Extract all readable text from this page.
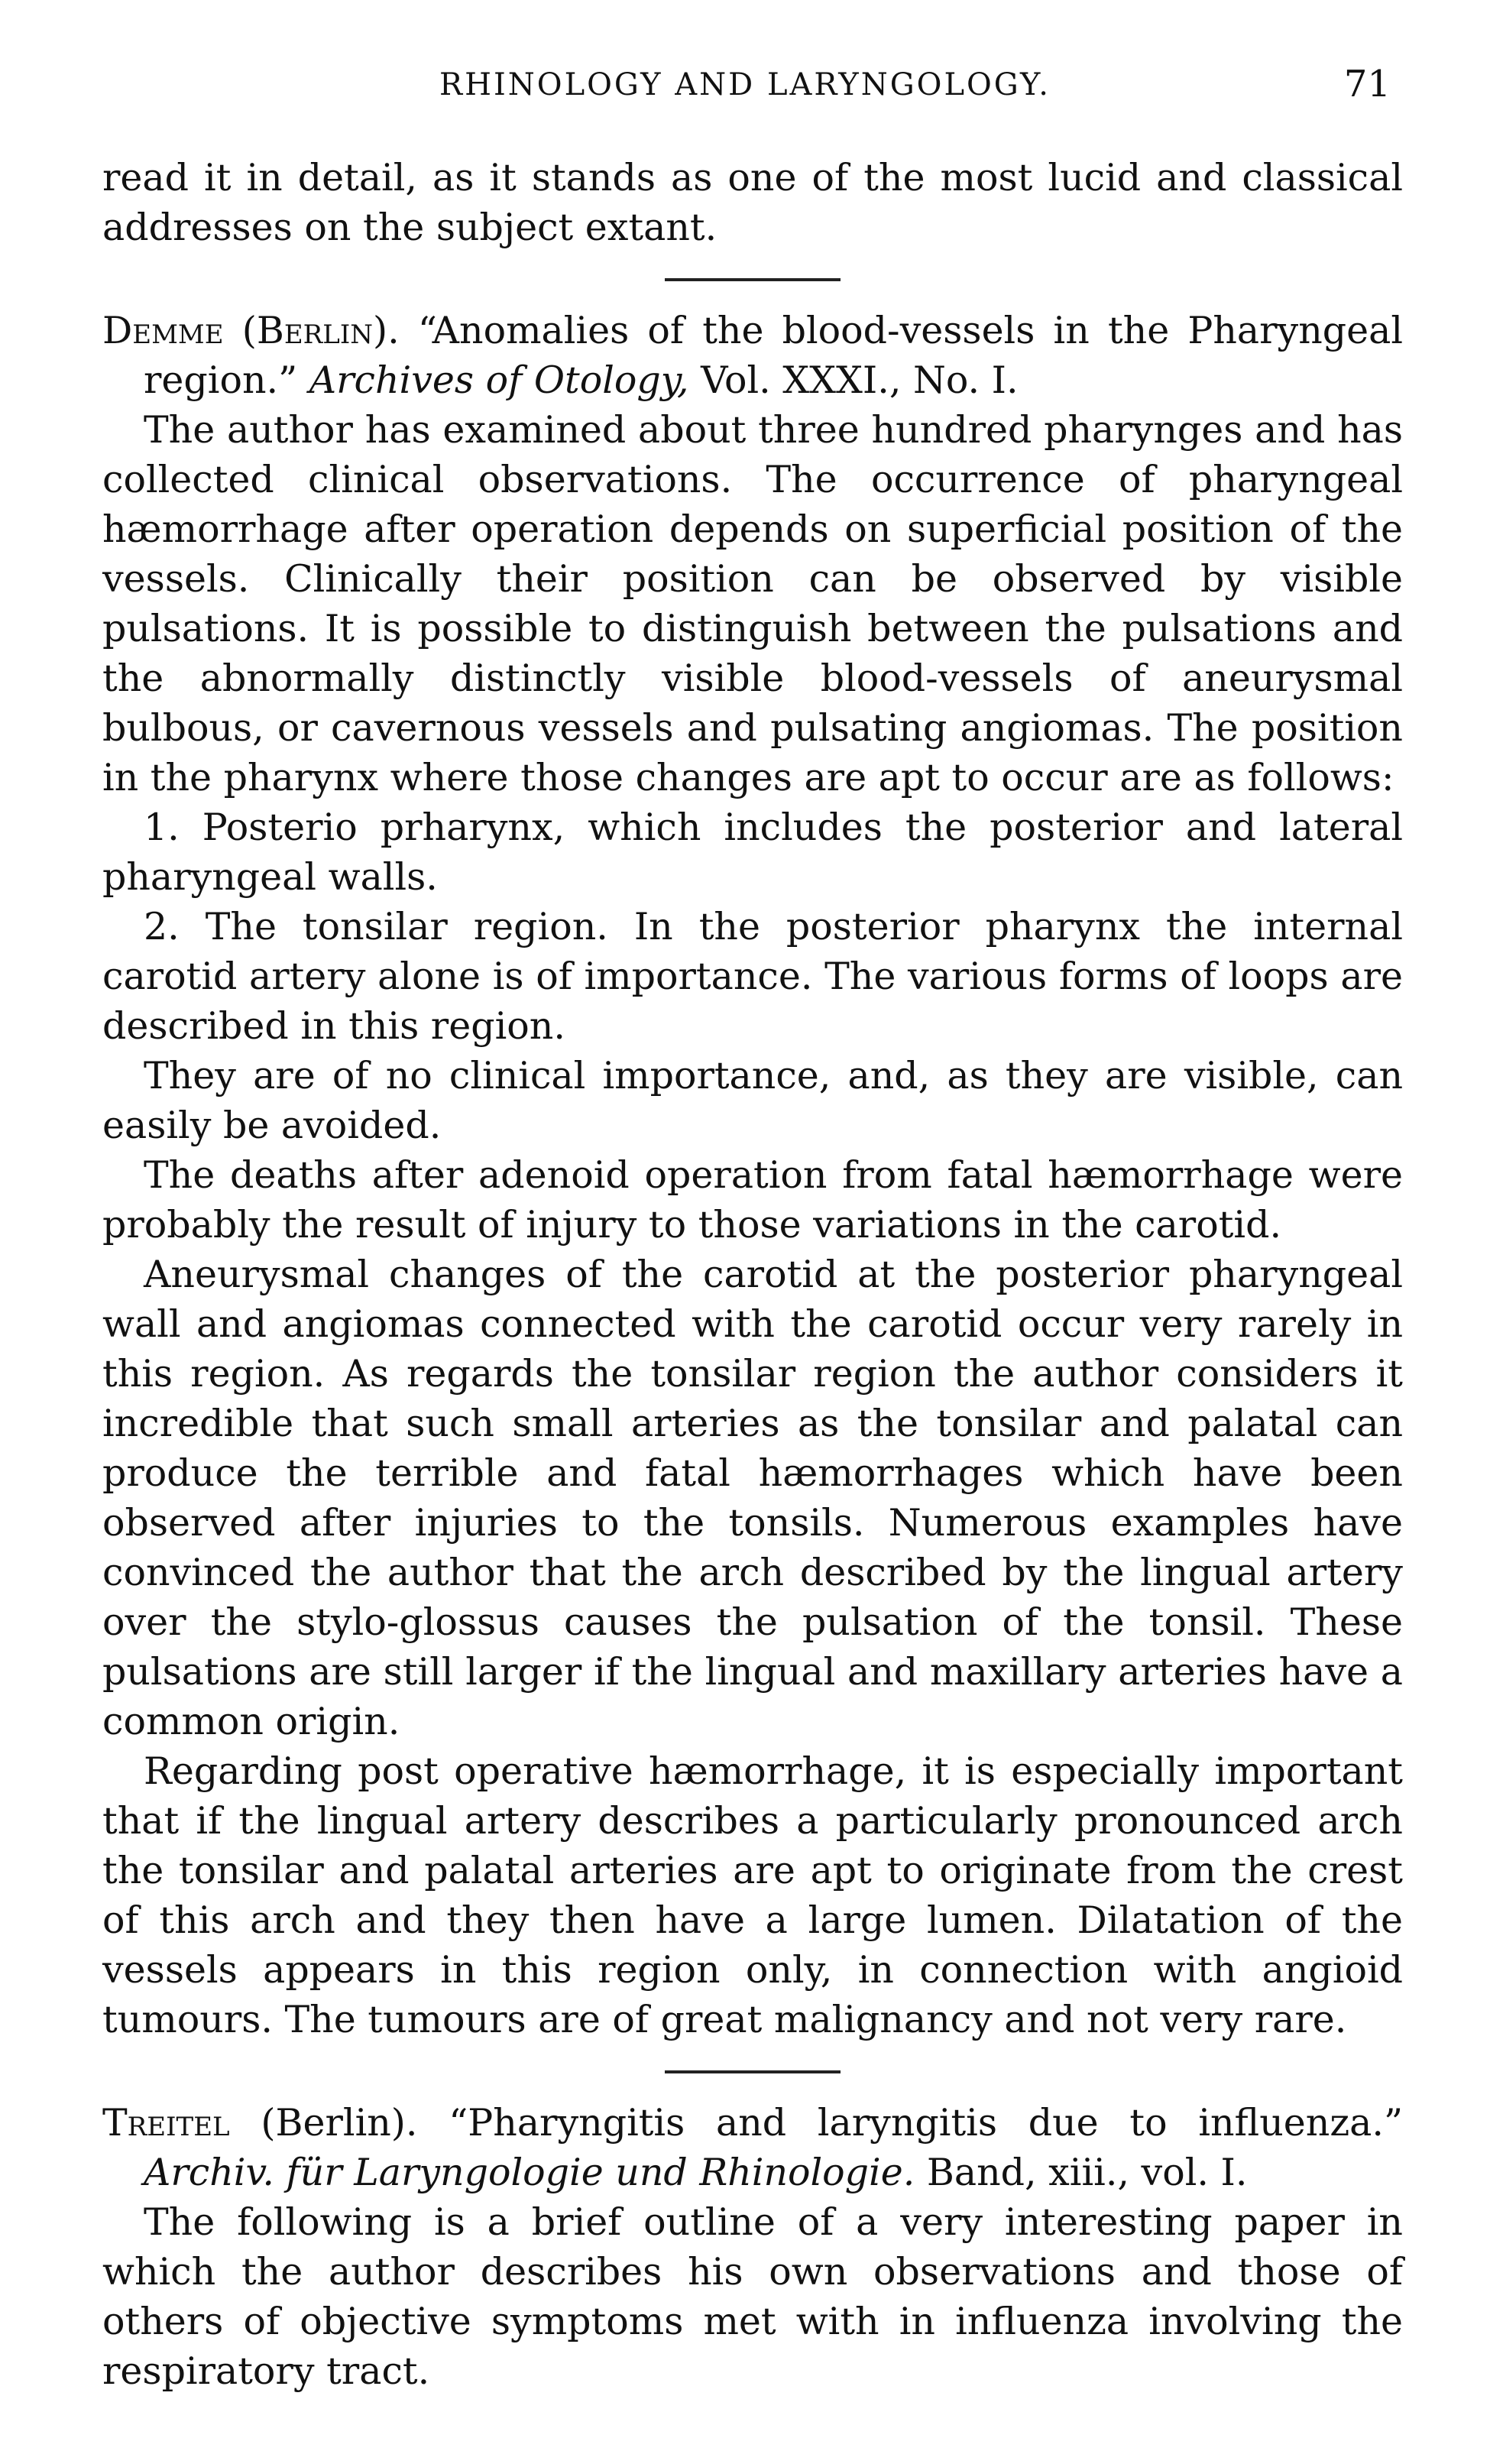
RHINOLOGY AND LARYNGOLOGY.	71

read it in detail, as it stands as one of the most lucid and classical addresses on the subject extant.

Demme (Berlin). “Anomalies of the blood-vessels in the Pharyngeal region.” Archives of Otology, Vol. XXXI., No. I.

The author has examined about three hundred pharynges and has collected clinical observations. The occurrence of pharyngeal hæmorrhage after operation depends on superficial position of the vessels. Clinically their position can be observed by visible pulsations. It is possible to distinguish between the pulsations and the abnormally distinctly visible blood-vessels of aneurysmal bulbous, or cavernous vessels and pulsating angiomas. The position in the pharynx where those changes are apt to occur are as follows:

1. Posterio prharynx, which includes the posterior and lateral pharyngeal walls.

2. The tonsilar region. In the posterior pharynx the internal carotid artery alone is of importance. The various forms of loops are described in this region.

They are of no clinical importance, and, as they are visible, can easily be avoided.

The deaths after adenoid operation from fatal hæmorrhage were probably the result of injury to those variations in the carotid.

Aneurysmal changes of the carotid at the posterior pharyngeal wall and angiomas connected with the carotid occur very rarely in this region. As regards the tonsilar region the author considers it incredible that such small arteries as the tonsilar and palatal can produce the terrible and fatal hæmorrhages which have been observed after injuries to the tonsils. Numerous examples have convinced the author that the arch described by the lingual artery over the stylo-glossus causes the pulsation of the tonsil. These pulsations are still larger if the lingual and maxillary arteries have a common origin.

Regarding post operative hæmorrhage, it is especially important that if the lingual artery describes a particularly pronounced arch the tonsilar and palatal arteries are apt to originate from the crest of this arch and they then have a large lumen. Dilatation of the vessels appears in this region only, in connection with angioid tumours. The tumours are of great malignancy and not very rare.

Treitel (Berlin). “Pharyngitis and laryngitis due to influenza.” Archiv. für Laryngologie und Rhinologie. Band, xiii., vol. I.

The following is a brief outline of a very interesting paper in which the author describes his own observations and those of others of objective symptoms met with in influenza involving the respiratory tract.
